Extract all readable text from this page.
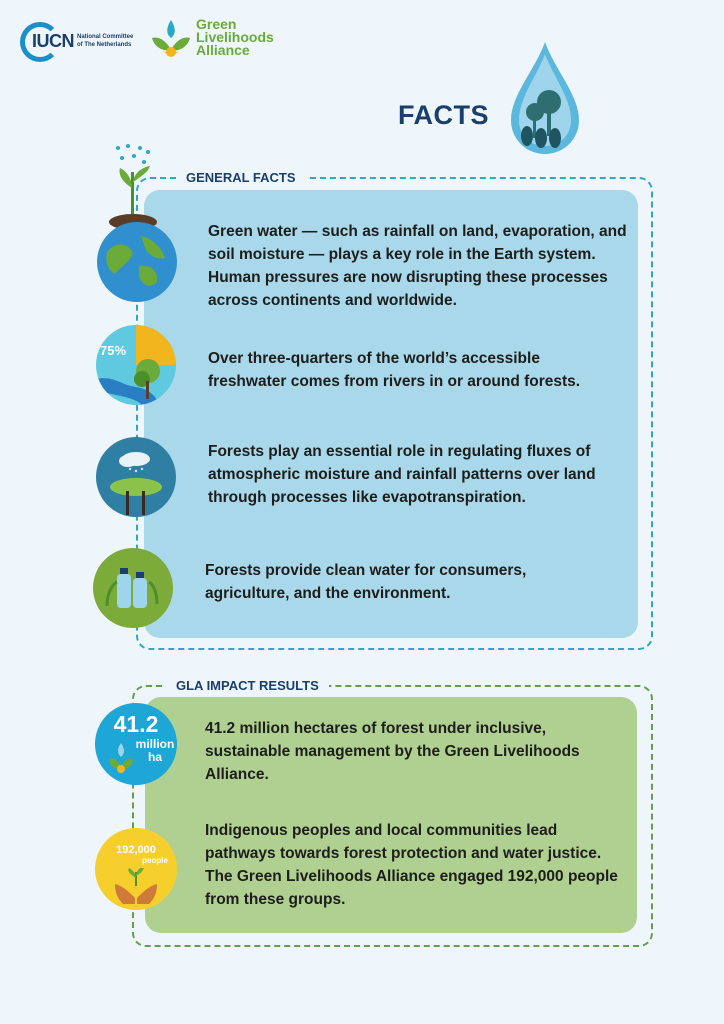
IUCN National Committee of The Netherlands
Green
Livelihoods
Alliance
FACTS
GENERAL FACTS
Green water — such as rainfall on land, evaporation, and soil moisture — plays a key role in the Earth system. Human pressures are now disrupting these processes across continents and worldwide.
75%	Over three-quarters of the world’s accessible freshwater comes from rivers in or around forests.
Forests play an essential role in regulating fluxes of atmospheric moisture and rainfall patterns over land through processes like evapotranspiration.
Forests provide clean water for consumers, agriculture, and the environment.
GLA IMPACT RESULTS
41.2
million
ha
41.2 million hectares of forest under inclusive, sustainable management by the Green Livelihoods Alliance.
192,000
people
Indigenous peoples and local communities lead pathways towards forest protection and water justice. The Green Livelihoods Alliance engaged 192,000 people from these groups.
